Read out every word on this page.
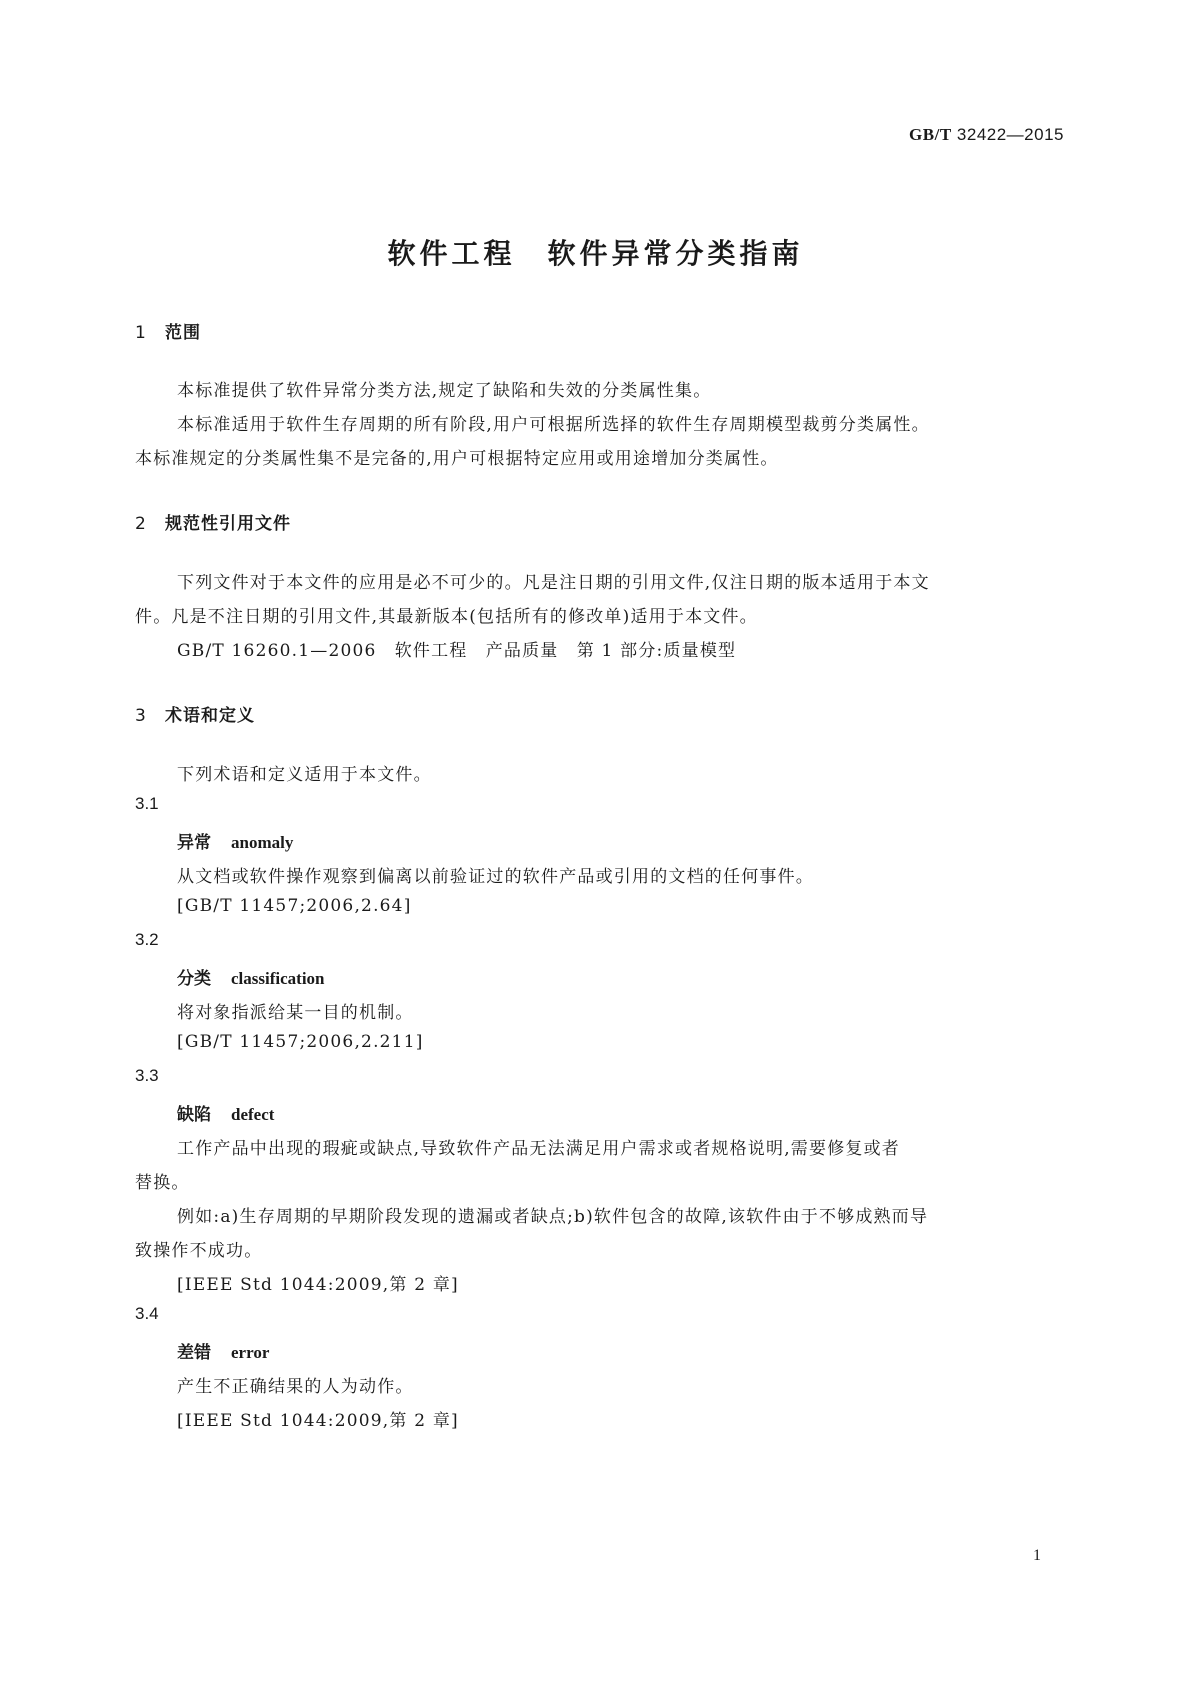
GB/T 32422—2015
软件工程　软件异常分类指南
1 范围
本标准提供了软件异常分类方法,规定了缺陷和失效的分类属性集。
本标准适用于软件生存周期的所有阶段,用户可根据所选择的软件生存周期模型裁剪分类属性。
本标准规定的分类属性集不是完备的,用户可根据特定应用或用途增加分类属性。
2 规范性引用文件
下列文件对于本文件的应用是必不可少的。凡是注日期的引用文件,仅注日期的版本适用于本文
件。凡是不注日期的引用文件,其最新版本(包括所有的修改单)适用于本文件。
GB/T 16260.1—2006　软件工程　产品质量　第 1 部分:质量模型
3 术语和定义
下列术语和定义适用于本文件。
3.1
异常 anomaly
从文档或软件操作观察到偏离以前验证过的软件产品或引用的文档的任何事件。
[GB/T 11457;2006,2.64]
3.2
分类 classification
将对象指派给某一目的机制。
[GB/T 11457;2006,2.211]
3.3
缺陷 defect
工作产品中出现的瑕疵或缺点,导致软件产品无法满足用户需求或者规格说明,需要修复或者
替换。
例如:a)生存周期的早期阶段发现的遗漏或者缺点;b)软件包含的故障,该软件由于不够成熟而导
致操作不成功。
[IEEE Std 1044:2009,第 2 章]
3.4
差错 error
产生不正确结果的人为动作。
[IEEE Std 1044:2009,第 2 章]
1
